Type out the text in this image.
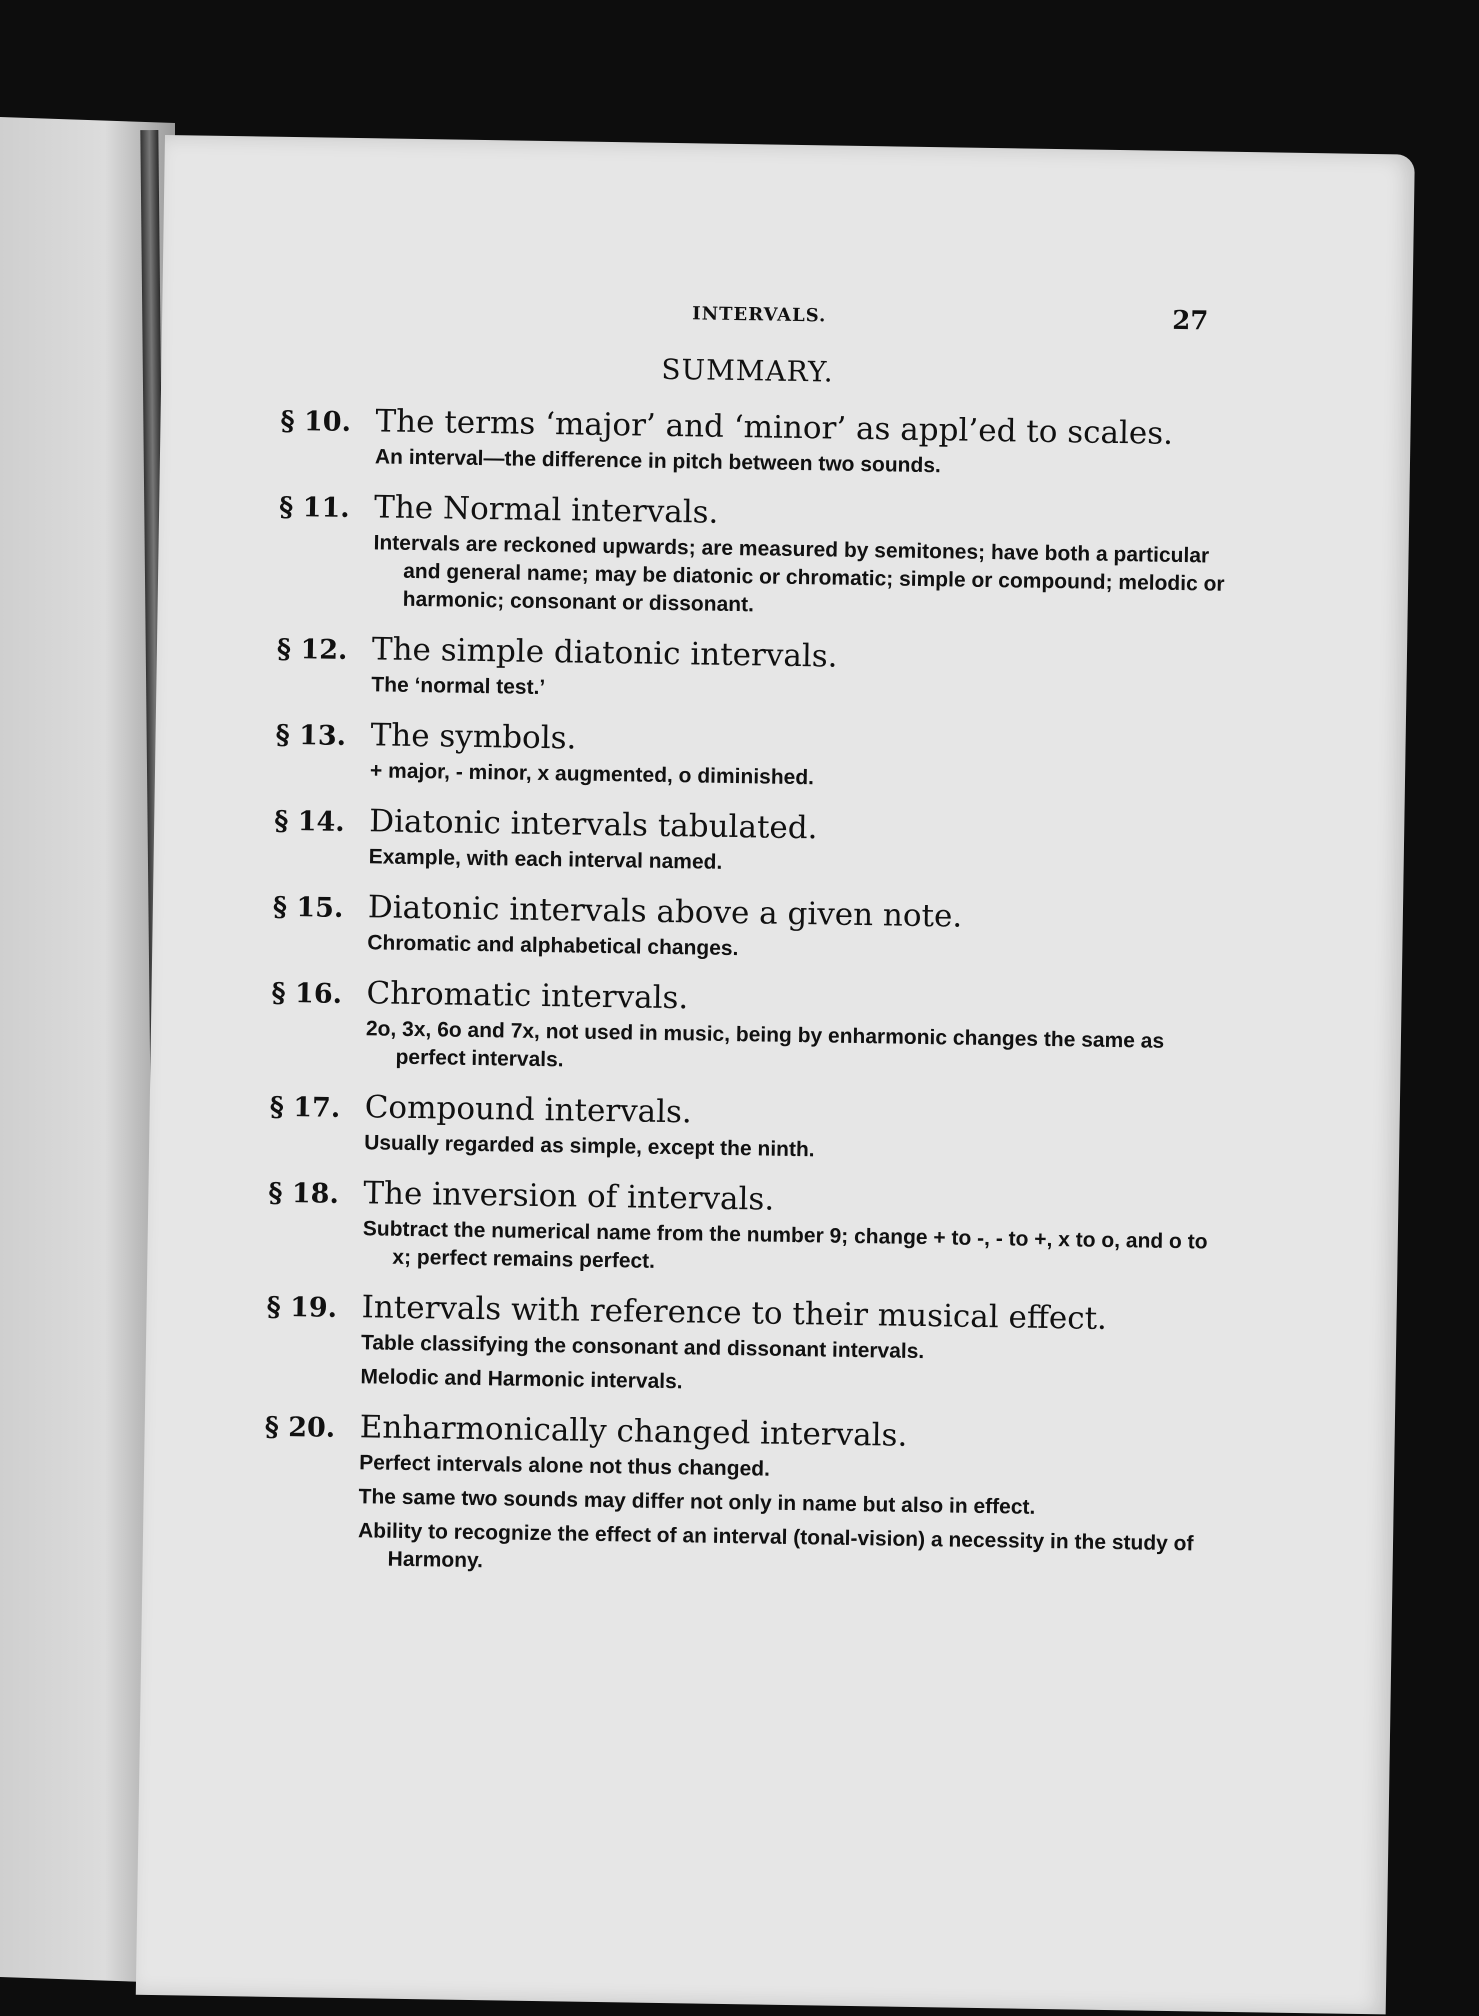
INTERVALS.	27
SUMMARY.
§ 10. The terms ‘major’ and ‘minor’ as appl’ed to scales.
An interval—the difference in pitch between two sounds.
§ 11. The Normal intervals.
Intervals are reckoned upwards; are measured by semitones; have both a particular and general name; may be diatonic or chromatic; simple or compound; melodic or harmonic; consonant or dissonant.
§ 12. The simple diatonic intervals.
The ‘normal test.’
§ 13. The symbols.
+ major, - minor, x augmented, o diminished.
§ 14. Diatonic intervals tabulated.
Example, with each interval named.
§ 15. Diatonic intervals above a given note.
Chromatic and alphabetical changes.
§ 16. Chromatic intervals.
2o, 3x, 6o and 7x, not used in music, being by enharmonic changes the same as perfect intervals.
§ 17. Compound intervals.
Usually regarded as simple, except the ninth.
§ 18. The inversion of intervals.
Subtract the numerical name from the number 9; change + to -, - to +, x to o, and o to x; perfect remains perfect.
§ 19. Intervals with reference to their musical effect.
Table classifying the consonant and dissonant intervals.
Melodic and Harmonic intervals.
§ 20. Enharmonically changed intervals.
Perfect intervals alone not thus changed.
The same two sounds may differ not only in name but also in effect.
Ability to recognize the effect of an interval (tonal-vision) a necessity in the study of Harmony.
